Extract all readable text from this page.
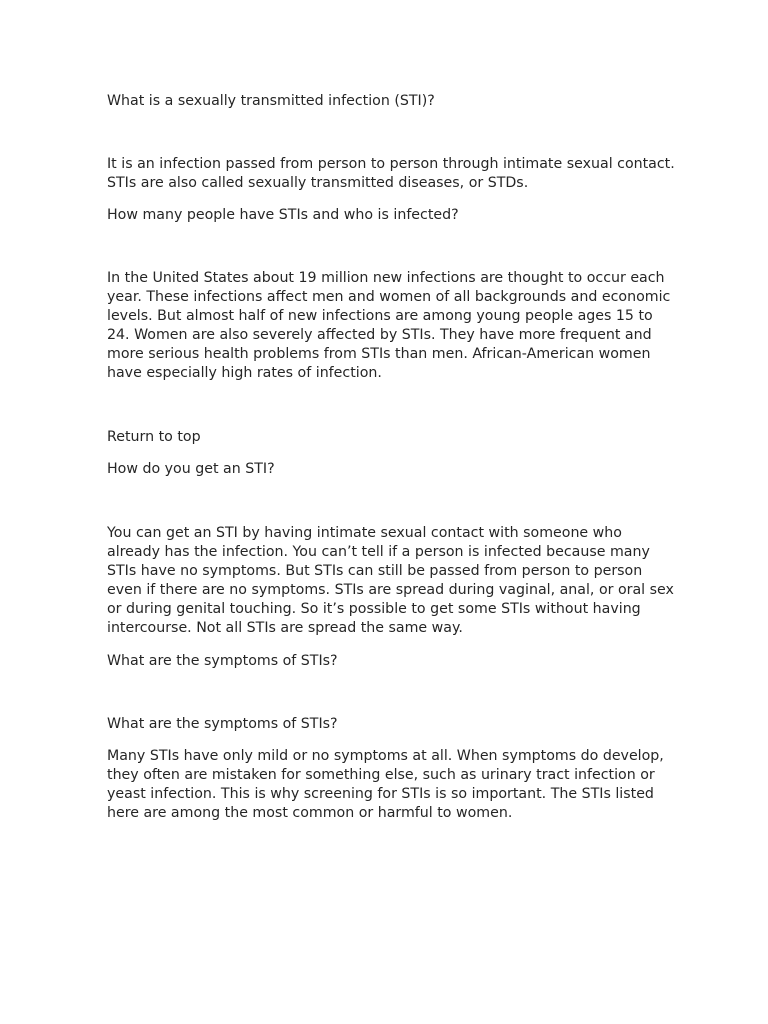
What is a sexually transmitted infection (STI)?

It is an infection passed from person to person through intimate sexual contact.
STIs are also called sexually transmitted diseases, or STDs.

How many people have STIs and who is infected?

In the United States about 19 million new infections are thought to occur each
year. These infections affect men and women of all backgrounds and economic
levels. But almost half of new infections are among young people ages 15 to
24. Women are also severely affected by STIs. They have more frequent and
more serious health problems from STIs than men. African-American women
have especially high rates of infection.

Return to top

How do you get an STI?

You can get an STI by having intimate sexual contact with someone who
already has the infection. You can’t tell if a person is infected because many
STIs have no symptoms. But STIs can still be passed from person to person
even if there are no symptoms. STIs are spread during vaginal, anal, or oral sex
or during genital touching. So it’s possible to get some STIs without having
intercourse. Not all STIs are spread the same way.

What are the symptoms of STIs?

What are the symptoms of STIs?

Many STIs have only mild or no symptoms at all. When symptoms do develop,
they often are mistaken for something else, such as urinary tract infection or
yeast infection. This is why screening for STIs is so important. The STIs listed
here are among the most common or harmful to women.
